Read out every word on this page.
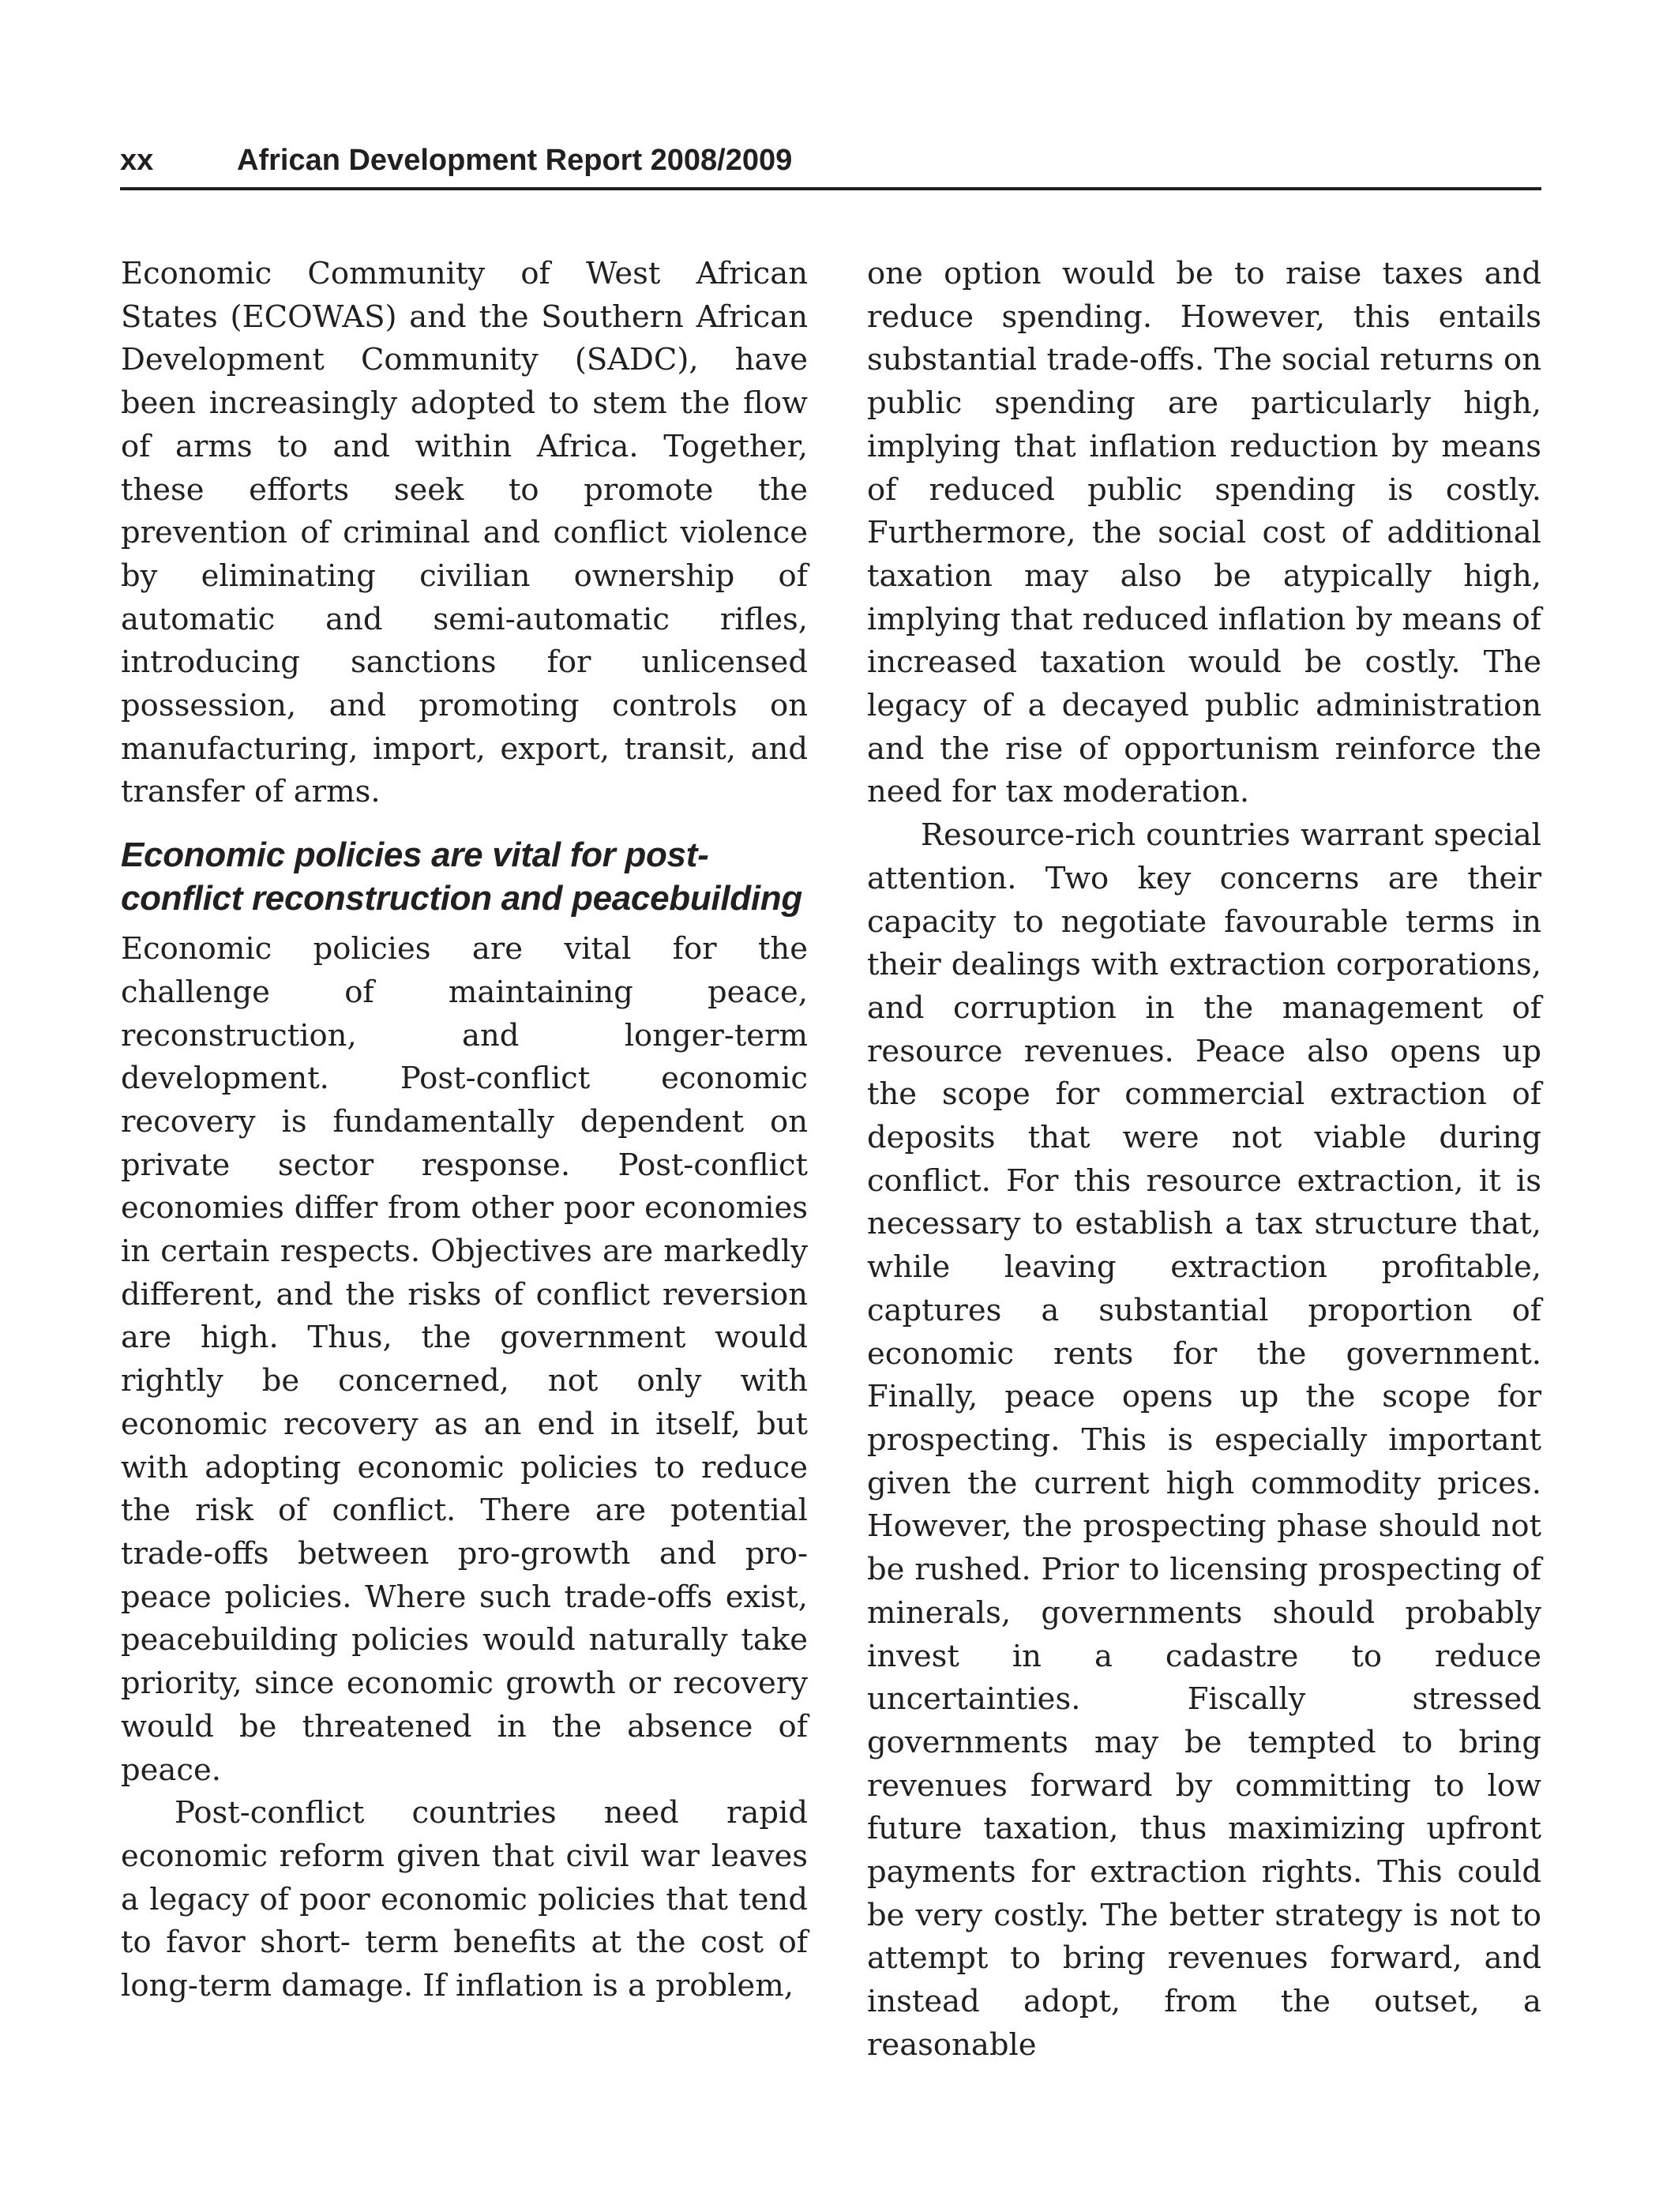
xx	African Development Report 2008/2009

Economic Community of West African States (ECOWAS) and the Southern African Development Community (SADC), have been increasingly adopted to stem the flow of arms to and within Africa. Together, these efforts seek to promote the prevention of criminal and conflict violence by eliminating civilian ownership of automatic and semi-automatic rifles, introducing sanctions for unlicensed possession, and promoting controls on manufacturing, import, export, transit, and transfer of arms.

Economic policies are vital for post-conflict reconstruction and peacebuilding

Economic policies are vital for the challenge of maintaining peace, reconstruction, and longer-term development. Post-conflict economic recovery is fundamentally dependent on private sector response. Post-conflict economies differ from other poor economies in certain respects. Objectives are markedly different, and the risks of conflict reversion are high. Thus, the government would rightly be concerned, not only with economic recovery as an end in itself, but with adopting economic policies to reduce the risk of conflict. There are potential trade-offs between pro-growth and pro-peace policies. Where such trade-offs exist, peacebuilding policies would naturally take priority, since economic growth or recovery would be threatened in the absence of peace.

Post-conflict countries need rapid economic reform given that civil war leaves a legacy of poor economic policies that tend to favor short- term benefits at the cost of long-term damage. If inflation is a problem,

one option would be to raise taxes and reduce spending. However, this entails substantial trade-offs. The social returns on public spending are particularly high, implying that inflation reduction by means of reduced public spending is costly. Furthermore, the social cost of additional taxation may also be atypically high, implying that reduced inflation by means of increased taxation would be costly. The legacy of a decayed public administration and the rise of opportunism reinforce the need for tax moderation.

Resource-rich countries warrant special attention. Two key concerns are their capacity to negotiate favourable terms in their dealings with extraction corporations, and corruption in the management of resource revenues. Peace also opens up the scope for commercial extraction of deposits that were not viable during conflict. For this resource extraction, it is necessary to establish a tax structure that, while leaving extraction profitable, captures a substantial proportion of economic rents for the government. Finally, peace opens up the scope for prospecting. This is especially important given the current high commodity prices. However, the prospecting phase should not be rushed. Prior to licensing prospecting of minerals, governments should probably invest in a cadastre to reduce uncertainties. Fiscally stressed governments may be tempted to bring revenues forward by committing to low future taxation, thus maximizing upfront payments for extraction rights. This could be very costly. The better strategy is not to attempt to bring revenues forward, and instead adopt, from the outset, a reasonable
